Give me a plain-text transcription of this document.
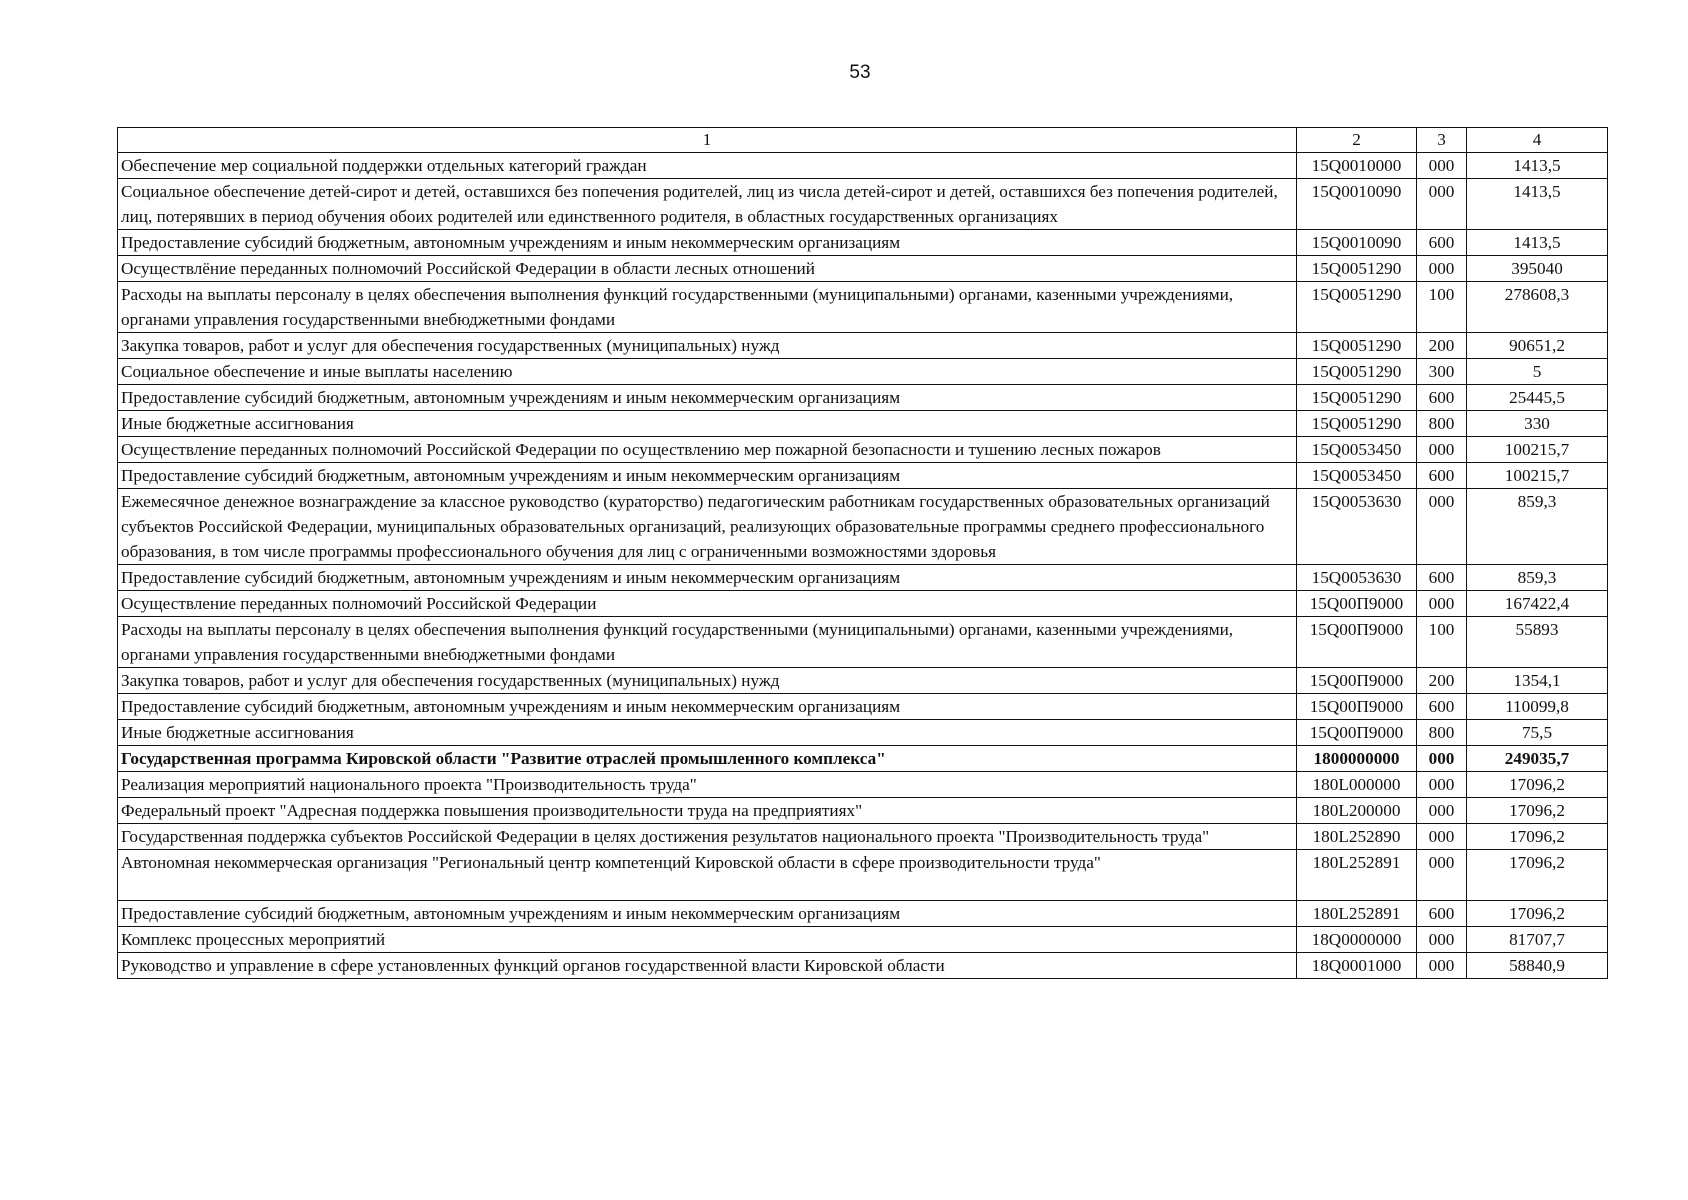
53
1	2	3	4
Обеспечение мер социальной поддержки отдельных категорий граждан	15Q0010000	000	1413,5
Социальное обеспечение детей-сирот и детей, оставшихся без попечения родителей, лиц из числа детей-сирот и детей, оставшихся без попечения родителей, лиц, потерявших в период обучения обоих родителей или единственного родителя, в областных государственных организациях	15Q0010090	000	1413,5
Предоставление субсидий бюджетным, автономным учреждениям и иным некоммерческим организациям	15Q0010090	600	1413,5
Осуществлёние переданных полномочий Российской Федерации в области лесных отношений	15Q0051290	000	395040
Расходы на выплаты персоналу в целях обеспечения выполнения функций государственными (муниципальными) органами, казенными учреждениями, органами управления государственными внебюджетными фондами	15Q0051290	100	278608,3
Закупка товаров, работ и услуг для обеспечения государственных (муниципальных) нужд	15Q0051290	200	90651,2
Социальное обеспечение и иные выплаты населению	15Q0051290	300	5
Предоставление субсидий бюджетным, автономным учреждениям и иным некоммерческим организациям	15Q0051290	600	25445,5
Иные бюджетные ассигнования	15Q0051290	800	330
Осуществление переданных полномочий Российской Федерации по осуществлению мер пожарной безопасности и тушению лесных пожаров	15Q0053450	000	100215,7
Предоставление субсидий бюджетным, автономным учреждениям и иным некоммерческим организациям	15Q0053450	600	100215,7
Ежемесячное денежное вознаграждение за классное руководство (кураторство) педагогическим работникам государственных образовательных организаций субъектов Российской Федерации, муниципальных образовательных организаций, реализующих образовательные программы среднего профессионального образования, в том числе программы профессионального обучения для лиц с ограниченными возможностями здоровья	15Q0053630	000	859,3
Предоставление субсидий бюджетным, автономным учреждениям и иным некоммерческим организациям	15Q0053630	600	859,3
Осуществление переданных полномочий Российской Федерации	15Q00П9000	000	167422,4
Расходы на выплаты персоналу в целях обеспечения выполнения функций государственными (муниципальными) органами, казенными учреждениями, органами управления государственными внебюджетными фондами	15Q00П9000	100	55893
Закупка товаров, работ и услуг для обеспечения государственных (муниципальных) нужд	15Q00П9000	200	1354,1
Предоставление субсидий бюджетным, автономным учреждениям и иным некоммерческим организациям	15Q00П9000	600	110099,8
Иные бюджетные ассигнования	15Q00П9000	800	75,5
Государственная программа Кировской области "Развитие отраслей промышленного комплекса"	1800000000	000	249035,7
Реализация мероприятий национального проекта "Производительность труда"	180L000000	000	17096,2
Федеральный проект "Адресная поддержка повышения производительности труда на предприятиях"	180L200000	000	17096,2
Государственная поддержка субъектов Российской Федерации в целях достижения результатов национального проекта "Производительность труда"	180L252890	000	17096,2
Автономная некоммерческая организация "Региональный центр компетенций Кировской области в сфере производительности труда"	180L252891	000	17096,2
Предоставление субсидий бюджетным, автономным учреждениям и иным некоммерческим организациям	180L252891	600	17096,2
Комплекс процессных мероприятий	18Q0000000	000	81707,7
Руководство и управление в сфере установленных функций органов государственной власти Кировской области	18Q0001000	000	58840,9
